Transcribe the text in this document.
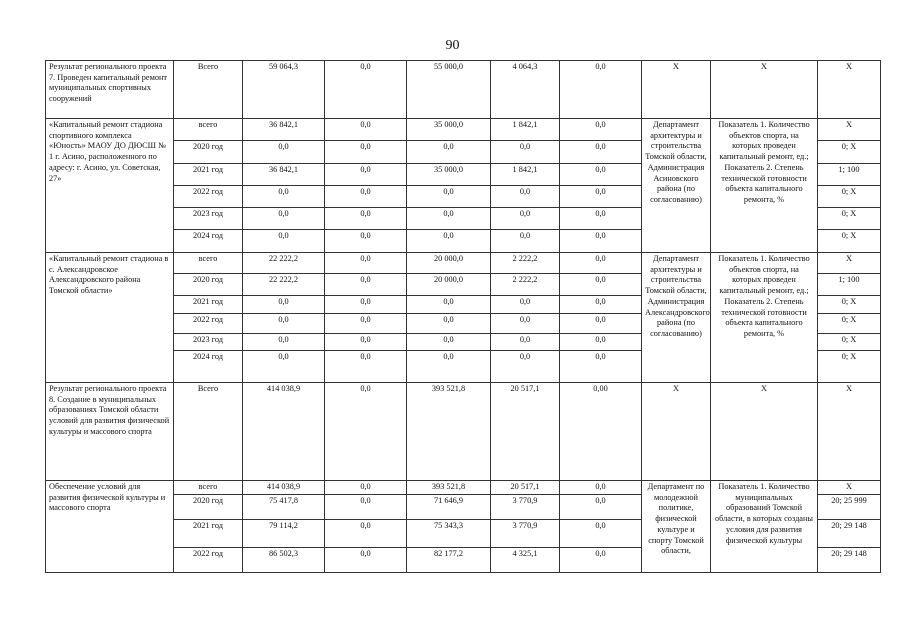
90
Результат регионального проекта 7. Проведен капитальный ремонт муниципальных спортивных сооружений	Всего	59 064,3	0,0	55 000,0	4 064,3	0,0	Х	Х	Х
«Капитальный ремонт стадиона спортивного комплекса «Юность» МАОУ ДО ДЮСШ № 1 г. Асино, расположенного по адресу: г. Асино, ул. Советская, 27»	всего	36 842,1	0,0	35 000,0	1 842,1	0,0	Департамент архитектуры и строительства Томской области, Администрация Асиновского района (по согласованию)	Показатель 1. Количество объектов спорта, на которых проведен капитальный ремонт, ед.; Показатель 2. Степень технической готовности объекта капитального ремонта, %	Х
	2020 год	0,0	0,0	0,0	0,0	0,0			0; Х
	2021 год	36 842,1	0,0	35 000,0	1 842,1	0,0			1; 100
	2022 год	0,0	0,0	0,0	0,0	0,0			0; Х
	2023 год	0,0	0,0	0,0	0,0	0,0			0; Х
	2024 год	0,0	0,0	0,0	0,0	0,0			0; Х
«Капитальный ремонт стадиона в с. Александровское Александровского района Томской области»	всего	22 222,2	0,0	20 000,0	2 222,2	0,0	Департамент архитектуры и строительства Томской области, Администрация Александровского района (по согласованию)	Показатель 1. Количество объектов спорта, на которых проведен капитальный ремонт, ед.; Показатель 2. Степень технической готовности объекта капитального ремонта, %	Х
	2020 год	22 222,2	0,0	20 000,0	2 222,2	0,0			1; 100
	2021 год	0,0	0,0	0,0	0,0	0,0			0; Х
	2022 год	0,0	0,0	0,0	0,0	0,0			0; Х
	2023 год	0,0	0,0	0,0	0,0	0,0			0; Х
	2024 год	0,0	0,0	0,0	0,0	0,0			0; Х
Результат регионального проекта 8. Создание в муниципальных образованиях Томской области условий для развития физической культуры и массового спорта	Всего	414 038,9	0,0	393 521,8	20 517,1	0,00	Х	Х	Х
Обеспечение условий для развития физической культуры и массового спорта	всего	414 038,9	0,0	393 521,8	20 517,1	0,0	Департамент по молодежной политике, физической культуре и спорту Томской области,	Показатель 1. Количество муниципальных образований Томской области, в которых созданы условия для развития физической культуры	Х
	2020 год	75 417,8	0,0	71 646,9	3 770,9	0,0			20; 25 999
	2021 год	79 114,2	0,0	75 343,3	3 770,9	0,0			20; 29 148
	2022 год	86 502,3	0,0	82 177,2	4 325,1	0,0			20; 29 148
